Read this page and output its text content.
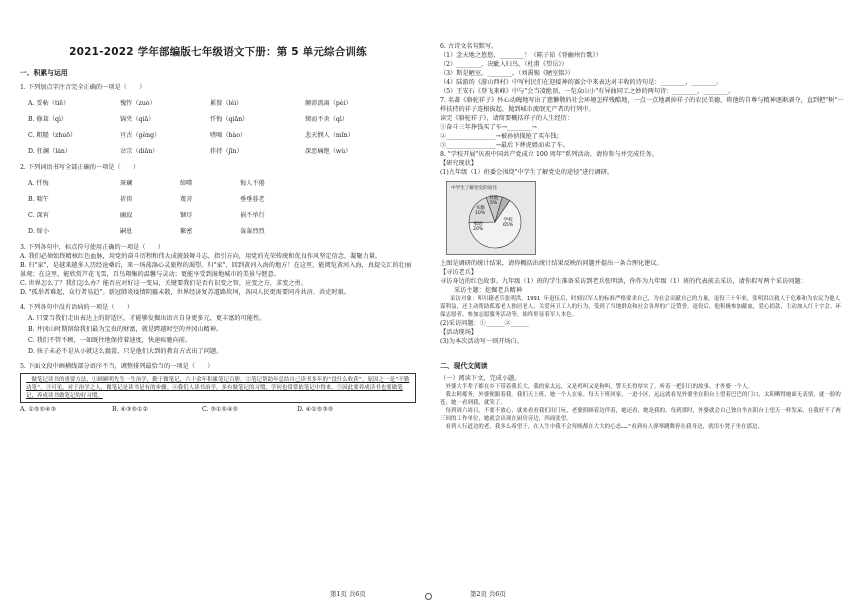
2021-2022 学年部编版七年级语文下册：第 5 单元综合训练
一、积累与运用
1. 下列加点字注音完全正确的一项是（　　）
A. 妥帖（tiē）	愧怍（zuò）	累赘（léi）	颠沛流离（pèi）
B. 修葺（qì）	锦夹（qiā）	忏悔（qiān）	锲而不舍（qì）
C. 粗糙（zhuō）	亘古（gèng）	嗜喝（hào）	悲天悯人（mǐn）
D. 狂澜（lán）	岔宗（diān）	拤持（jīn）	深恶痛绝（wù）
2. 下列词语书写全部正确的一项是（　　）
A. 忏悔	斑斓	缔噬	悔人不倦
B. 喘午	祈祷	蔑菩	垂垂暮老
C. 深宵	幽寂	锢尽	祸不单行
D. 缔小	嗣息	繁密	轰轰烈烈
3. 下列各句中，标点符号使用正确的一项是（　　）
A. 我们必须始终精核红色血脉，用党的奋斗历程和伟大成就鼓舞斗志，指引方向，用党的光荣传统和优良作风坚定信念，凝聚力量。
B. 归"家"，是越来越多人历经沧桑后，来一场荡涤心灵旅程的渴望。归"家"，回到黄河入海的地方！在这里，能阅览黄河入海，真提交汇的壮丽景观；在这里，能欣赏芦花飞雪，百鸟翔集的温馨与灵动；更能享受到湿地城市的美景与惬意。
C. 世界怎么了？我们怎么办？能否应对好这一变局，关键要我们是否有识变之智，应变之方，求变之勇。
D. "孤举者难起，众行者易趋"。新冠肺炎疫情阴霾未散，世界经济复苏道路坎坷，各国人民更需要同舟共济、共克时艰。
4. 下列各句中没有语病的一项是（　　）
A. 只要当我们走出表达上的舒适区，才能够发掘出语言自身更多元、更丰富的可能性。
B. 井冈山时期留给我们最为宝贵的财富，就是跨越时空的井冈山精神。
C. 我们不管不顾，一如既往地保持着速度，快速疾驰向前。
D. 孩子未必不是从小就这么蠢蛋，只是他们大到的教育方式出了问题。
5. 下面文段中画横线部分语序不当，调整排列最恰当的一项是（　　）
　做笔记读书的重要方法，①顾顾明先生一生治学，勤于做笔记，六十余年积累笔记百册。②笔记帮助年总结自己读书多年的"没什么收获"，原因之一是"不勤动笔"。③可见，对于治学之人，做笔记是读书是有的步骤。④我们人读书治学，多有做笔记的习惯。学问也常常依笔记中得来。⑤因此要养成读书也要做笔记，养成读书做笔记的好习惯。
A. ①⑤⑤④③	B. ④③⑤①②	C. ③①⑤④⑤	D. ④①⑤③⑤
6. 古诗文名句默写。
（1）念天地之悠悠，________！（陈子昂《登幽州台歌》）
（2）________，决眦入归鸟。（杜甫《望岳》）
（3）斯是陋室，________。（刘禹锡《陋室铭》）
（4）陆游的《游山西村》中写村民们在迎接神的赛会中来表达对丰收的诗句是：________，________。
（5）王安石《登飞来峰》中与"会当凌绝顶，一览众山小"有异曲同工之妙的两句诗：________，________。
7. 名著《骆驼祥子》怀心动魄地写出了慈懒敬的社会环境怎样残酷地，一点一点地剥掉祥子的农民美德，将他的自尊与精神逐渐剥夺，直到把"树"一样扶持的祥子连根拔起，抛到城市流氓无产者的行列中。
读完《骆驼祥子》，请简要概括祥子的人生经历：
①奋斗三年挣钱买了车→________→
②________________→被孙侦探抢了买车钱；
③________________→最后下葬虎姐而卖了车。
8. "学校开展"庆祝中国共产党成立 100 周年"系列活动，请你参与并完成任务。
【研究现状】
(1)九年级（1）班委会围绕"中学生了解党史的途径"进行调研。
中学生了解党史的途径
学校
65%
家庭
20%
书籍
10%
其他
5%
上图是调研的统计结果，请你概括出统计结果反映的问题并提出一条合理化建议。
【寻访老兵】
寻访身边的红色故事。九年级（1）班的学生准备采访到老兵张明洪，你作为九年级（1）班的代表前去采访，请你拟写两个采访问题：
采访主题：挖掘老兵精神
采访对象：叩川籍老兵张明洪，1991 年退伍后，时刻以军人的标准严格要求自己，为社会贡献自己的力量。退役三十年来，张明洪以救人于危难和为农民为他人谋利益，还主动帮助孤寡老人独居老人、关爱环卫工人的行为，受到了当地群众和社会各界的广泛赞誉。退役后，他积极参加献血，爱心捐款，主动加入红十字会、环保志愿者、参加志愿服务活动等，始终彰显着军人本色。
(2)采访问题：①______②______
【活动现场】
(3)为本次活动写一则开场白。
二、现代文阅读
（一）阅读下文，完成小题。
　外婆大半辈子都在乡下带着我长大，我的家太远，又是鸡叫又是狗叫，警天长得厚实了。听着一把旧日的故事，才外婆一个人。
　我去阿都务，外婆便跟着我。我们天上班，她一个人在家。每天下班回家，一进小区，远远就看见外婆坐在阳台上望着巴巴的门口，太阳晒得她面无表情，就一脸的苍，她一看到我，就笑了。
　每到周六周日，不要不放心，就来看看我们出门玩，老婆照顾着边伴着，她还看，她是我的，每到那时，外婆就会自己独自坐在阳台上望天一样发呆，在我好不了两三回的工作单位，她就会出现在厨房旁边，四面张望。
　看到人行道边的老，我多么希望于，在人生中我不会每晚都在大大的心态……"看到有人弹琴跳舞停在我身边，就用小凳子坐在那边，
第1页 共6页	第2页 共6页
